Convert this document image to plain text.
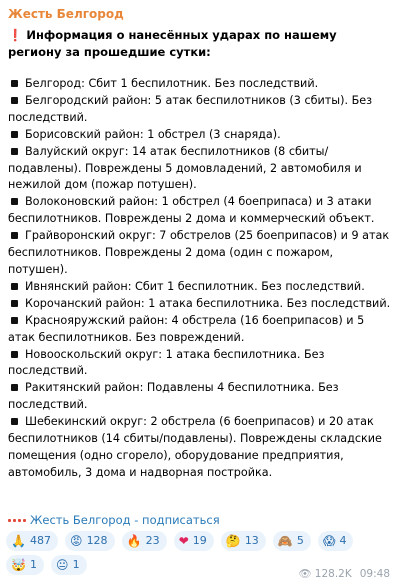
Жесть Белгород
❗ Информация о нанесённых ударах по нашему региону за прошедшие сутки:

Белгород: Сбит 1 беспилотник. Без последствий.

Белгородский район: 5 атак беспилотников (3 сбиты). Без последствий.

Борисовский район: 1 обстрел (3 снаряда).

Валуйский округ: 14 атак беспилотников (8 сбиты/подавлены). Повреждены 5 домовладений, 2 автомобиля и нежилой дом (пожар потушен).

Волоконовский район: 1 обстрел (4 боеприпаса) и 3 атаки беспилотников. Повреждены 2 дома и коммерческий объект.

Грайворонский округ: 7 обстрелов (25 боеприпасов) и 9 атак беспилотников. Повреждены 2 дома (один с пожаром, потушен).

Ивнянский район: Сбит 1 беспилотник. Без последствий.

Корочанский район: 1 атака беспилотника. Без последствий.

Краснояружский район: 4 обстрела (16 боеприпасов) и 5 атак беспилотников. Без повреждений.

Новооскольский округ: 1 атака беспилотника. Без последствий.

Ракитянский район: Подавлены 4 беспилотника. Без последствий.

Шебекинский округ: 2 обстрела (6 боеприпасов) и 20 атак беспилотников (14 сбиты/подавлены). Повреждены складские помещения (одно сгорело), оборудование предприятия, автомобиль, 3 дома и надворная постройка.

Жесть Белгород - подписаться
🙏 487
😡 128
🔥 23
❤ 19
🤔 13
🙈 5
😱 4

🤯 1
😐 1
👁 128.2K 09:48
